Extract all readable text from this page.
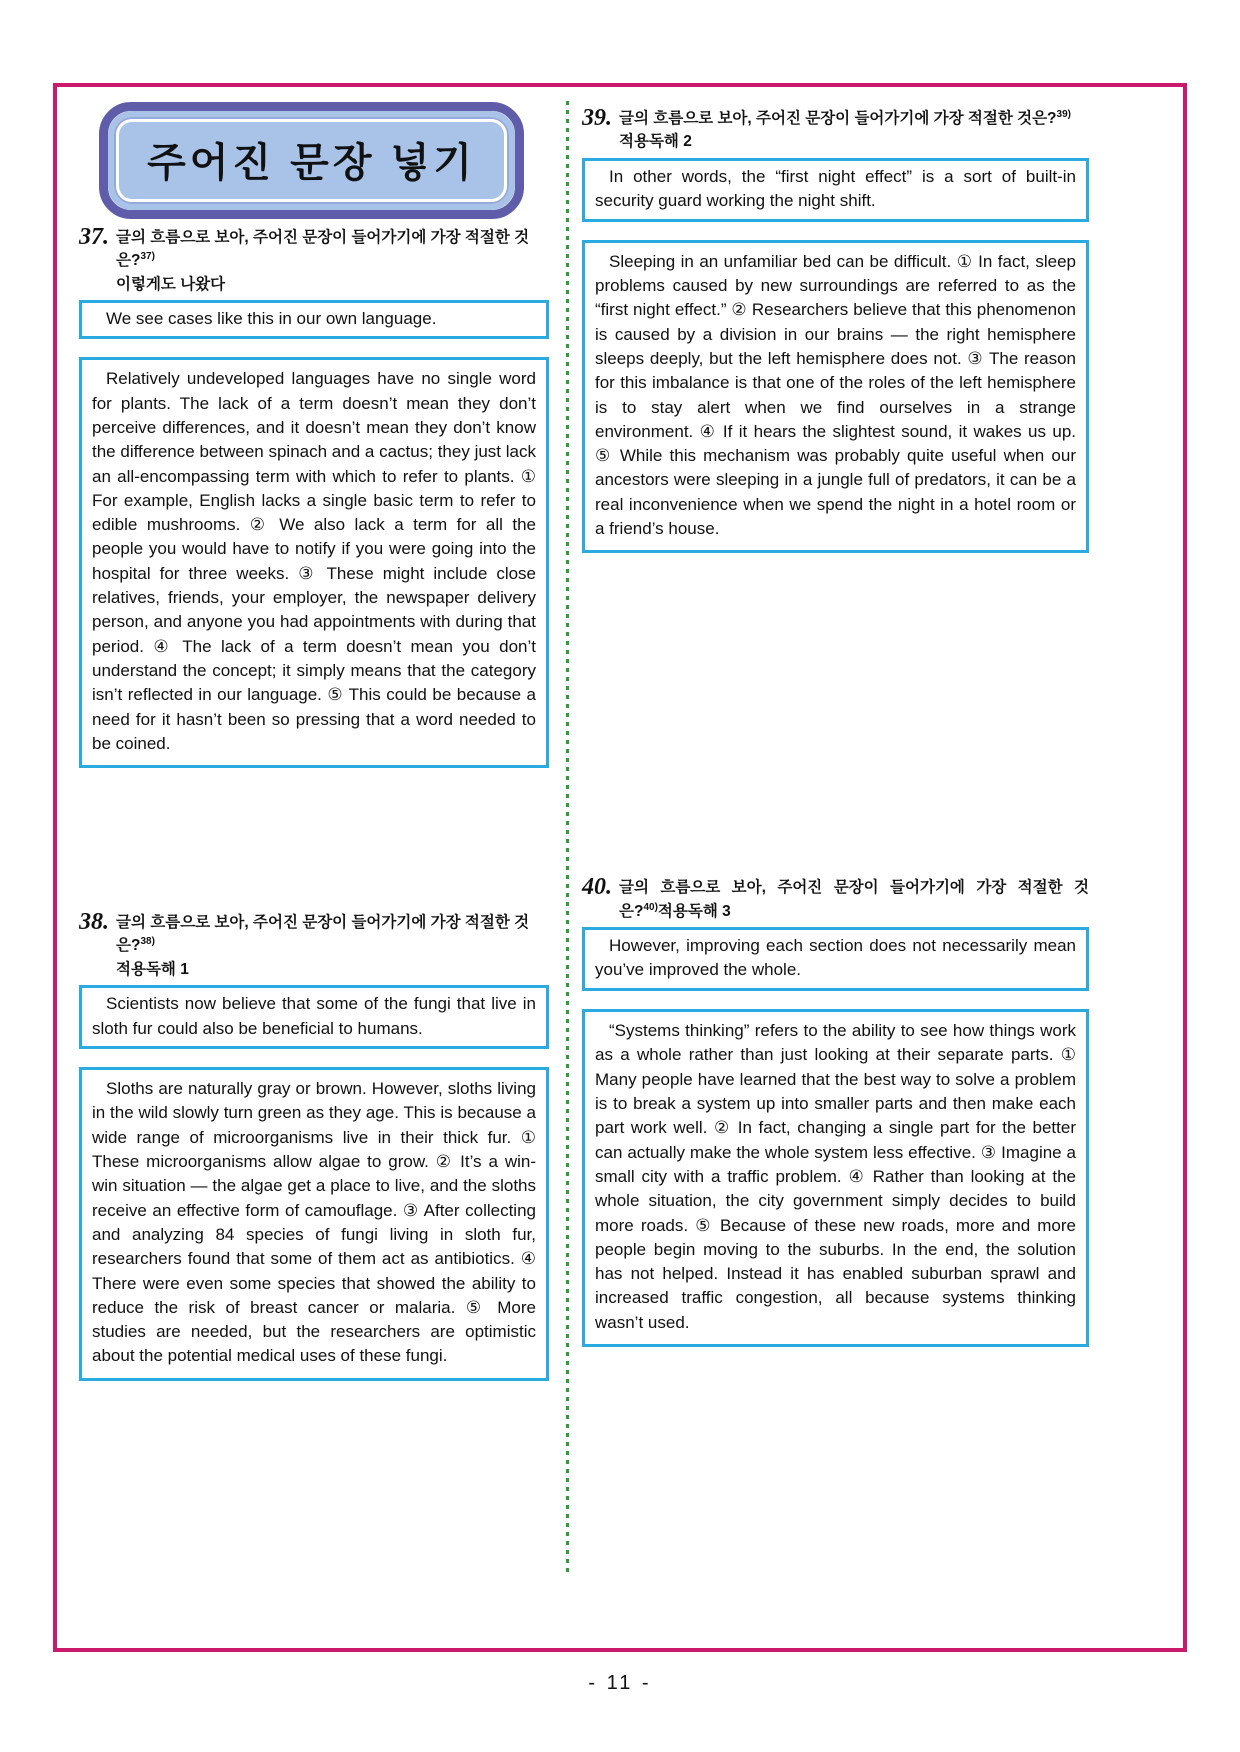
주어진 문장 넣기
37. 글의 흐름으로 보아, 주어진 문장이 들어가기에 가장 적절한 것은?$^{37)}$
이렇게도 나왔다
We see cases like this in our own language.
Relatively undeveloped languages have no single word for plants. The lack of a term doesn’t mean they don’t perceive differences, and it doesn’t mean they don’t know the difference between spinach and a cactus; they just lack an all-encompassing term with which to refer to plants. ① For example, English lacks a single basic term to refer to edible mushrooms. ② We also lack a term for all the people you would have to notify if you were going into the hospital for three weeks. ③ These might include close relatives, friends, your employer, the newspaper delivery person, and anyone you had appointments with during that period. ④ The lack of a term doesn’t mean you don’t understand the concept; it simply means that the category isn’t reflected in our language. ⑤ This could be because a need for it hasn’t been so pressing that a word needed to be coined.
38. 글의 흐름으로 보아, 주어진 문장이 들어가기에 가장 적절한 것은?$^{38)}$
적용독해 1
Scientists now believe that some of the fungi that live in sloth fur could also be beneficial to humans.
Sloths are naturally gray or brown. However, sloths living in the wild slowly turn green as they age. This is because a wide range of microorganisms live in their thick fur. ① These microorganisms allow algae to grow. ② It’s a win-win situation — the algae get a place to live, and the sloths receive an effective form of camouflage. ③ After collecting and analyzing 84 species of fungi living in sloth fur, researchers found that some of them act as antibiotics. ④ There were even some species that showed the ability to reduce the risk of breast cancer or malaria. ⑤ More studies are needed, but the researchers are optimistic about the potential medical uses of these fungi.
39. 글의 흐름으로 보아, 주어진 문장이 들어가기에 가장 적절한 것은?$^{39)}$
적용독해 2
In other words, the “first night effect” is a sort of built-in security guard working the night shift.
Sleeping in an unfamiliar bed can be difficult. ① In fact, sleep problems caused by new surroundings are referred to as the “first night effect.” ② Researchers believe that this phenomenon is caused by a division in our brains — the right hemisphere sleeps deeply, but the left hemisphere does not. ③ The reason for this imbalance is that one of the roles of the left hemisphere is to stay alert when we find ourselves in a strange environment. ④ If it hears the slightest sound, it wakes us up. ⑤ While this mechanism was probably quite useful when our ancestors were sleeping in a jungle full of predators, it can be a real inconvenience when we spend the night in a hotel room or a friend’s house.
40. 글의 흐름으로 보아, 주어진 문장이 들어가기에 가장 적절한 것
은?$^{40)}$적용독해 3
However, improving each section does not necessarily mean you’ve improved the whole.
“Systems thinking” refers to the ability to see how things work as a whole rather than just looking at their separate parts. ① Many people have learned that the best way to solve a problem is to break a system up into smaller parts and then make each part work well. ② In fact, changing a single part for the better can actually make the whole system less effective. ③ Imagine a small city with a traffic problem. ④ Rather than looking at the whole situation, the city government simply decides to build more roads. ⑤ Because of these new roads, more and more people begin moving to the suburbs. In the end, the solution has not helped. Instead it has enabled suburban sprawl and increased traffic congestion, all because systems thinking wasn’t used.
- 11 -
